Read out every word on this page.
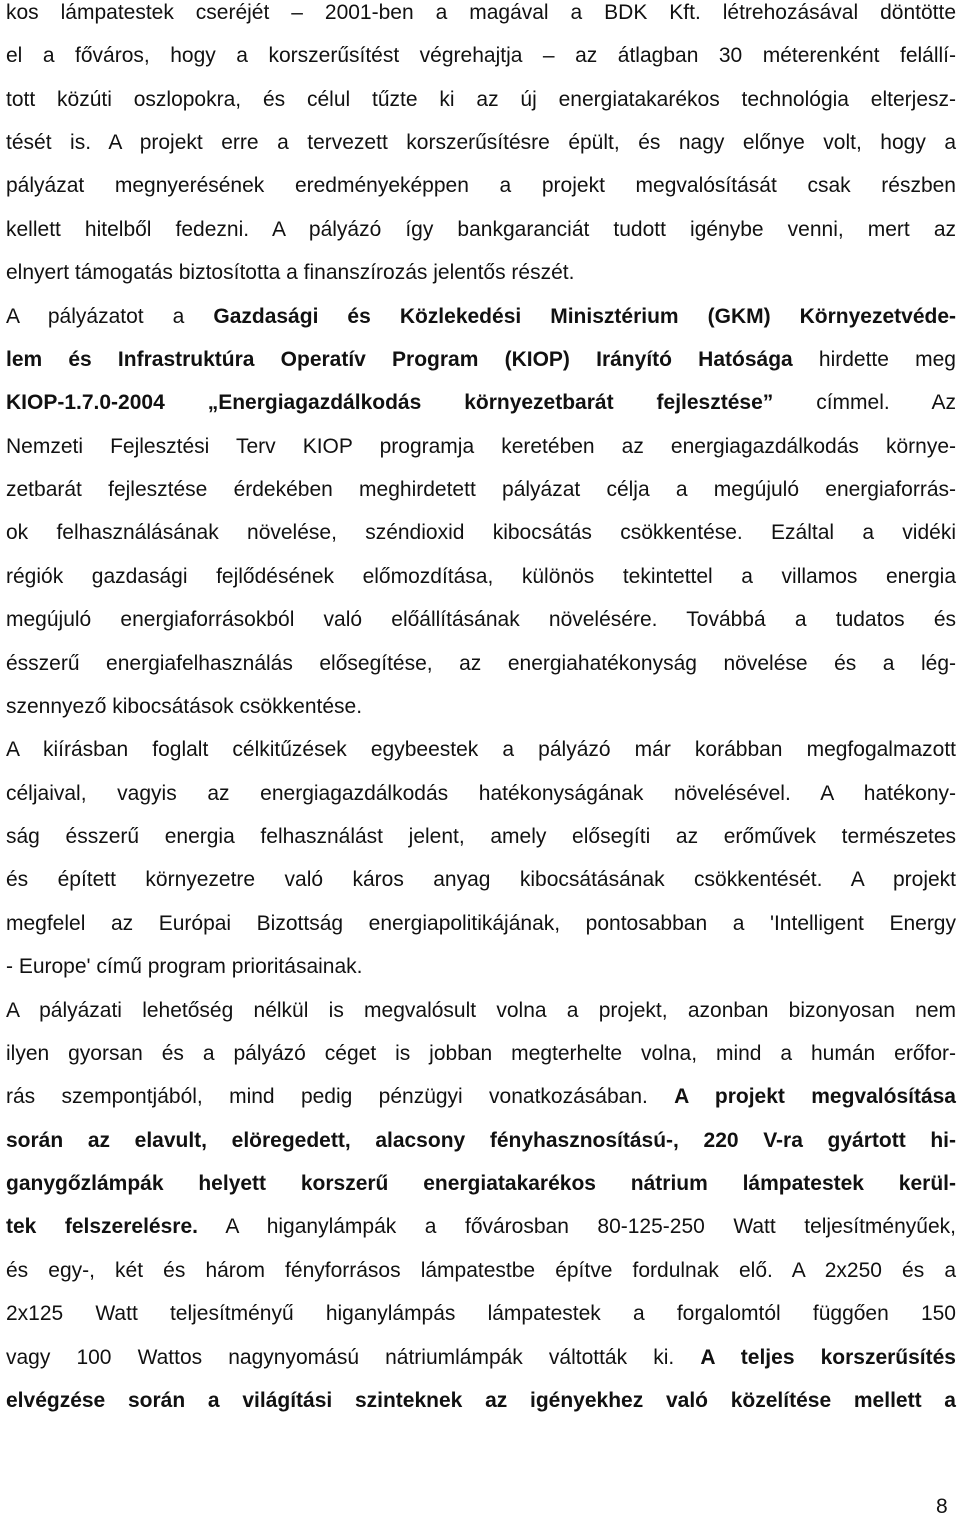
kos lámpatestek cseréjét – 2001-ben a magával a BDK Kft. létrehozásával döntötte
el a főváros, hogy a korszerűsítést végrehajtja – az átlagban 30 méterenként felállí-
tott közúti oszlopokra, és célul tűzte ki az új energiatakarékos technológia elterjesz-
tését is. A projekt erre a tervezett korszerűsítésre épült, és nagy előnye volt, hogy a
pályázat megnyerésének eredményeképpen a projekt megvalósítását csak részben
kellett hitelből fedezni. A pályázó így bankgaranciát tudott igénybe venni, mert az
elnyert támogatás biztosította a finanszírozás jelentős részét.
A pályázatot a Gazdasági és Közlekedési Minisztérium (GKM) Környezetvéde-
lem és Infrastruktúra Operatív Program (KIOP) Irányító Hatósága hirdette meg
KIOP-1.7.0-2004 „Energiagazdálkodás környezetbarát fejlesztése” címmel. Az
Nemzeti Fejlesztési Terv KIOP programja keretében az energiagazdálkodás környe-
zetbarát fejlesztése érdekében meghirdetett pályázat célja a megújuló energiaforrás-
ok felhasználásának növelése, széndioxid kibocsátás csökkentése. Ezáltal a vidéki
régiók gazdasági fejlődésének előmozdítása, különös tekintettel a villamos energia
megújuló energiaforrásokból való előállításának növelésére. Továbbá a tudatos és
ésszerű energiafelhasználás elősegítése, az energiahatékonyság növelése és a lég-
szennyező kibocsátások csökkentése.
A kiírásban foglalt célkitűzések egybeestek a pályázó már korábban megfogalmazott
céljaival, vagyis az energiagazdálkodás hatékonyságának növelésével. A hatékony-
ság ésszerű energia felhasználást jelent, amely elősegíti az erőművek természetes
és épített környezetre való káros anyag kibocsátásának csökkentését. A projekt
megfelel az Európai Bizottság energiapolitikájának, pontosabban a 'Intelligent Energy
- Europe' című program prioritásainak.
A pályázati lehetőség nélkül is megvalósult volna a projekt, azonban bizonyosan nem
ilyen gyorsan és a pályázó céget is jobban megterhelte volna, mind a humán erőfor-
rás szempontjából, mind pedig pénzügyi vonatkozásában. A projekt megvalósítása
során az elavult, elöregedett, alacsony fényhasznosítású-, 220 V-ra gyártott hi-
ganygőzlámpák helyett korszerű energiatakarékos nátrium lámpatestek kerül-
tek felszerelésre. A higanylámpák a fővárosban 80-125-250 Watt teljesítményűek,
és egy-, két és három fényforrásos lámpatestbe építve fordulnak elő. A 2x250 és a
2x125 Watt teljesítményű higanylámpás lámpatestek a forgalomtól függően 150
vagy 100 Wattos nagynyomású nátriumlámpák váltották ki. A teljes korszerűsítés
elvégzése során a világítási szinteknek az igényekhez való közelítése mellett a
8
